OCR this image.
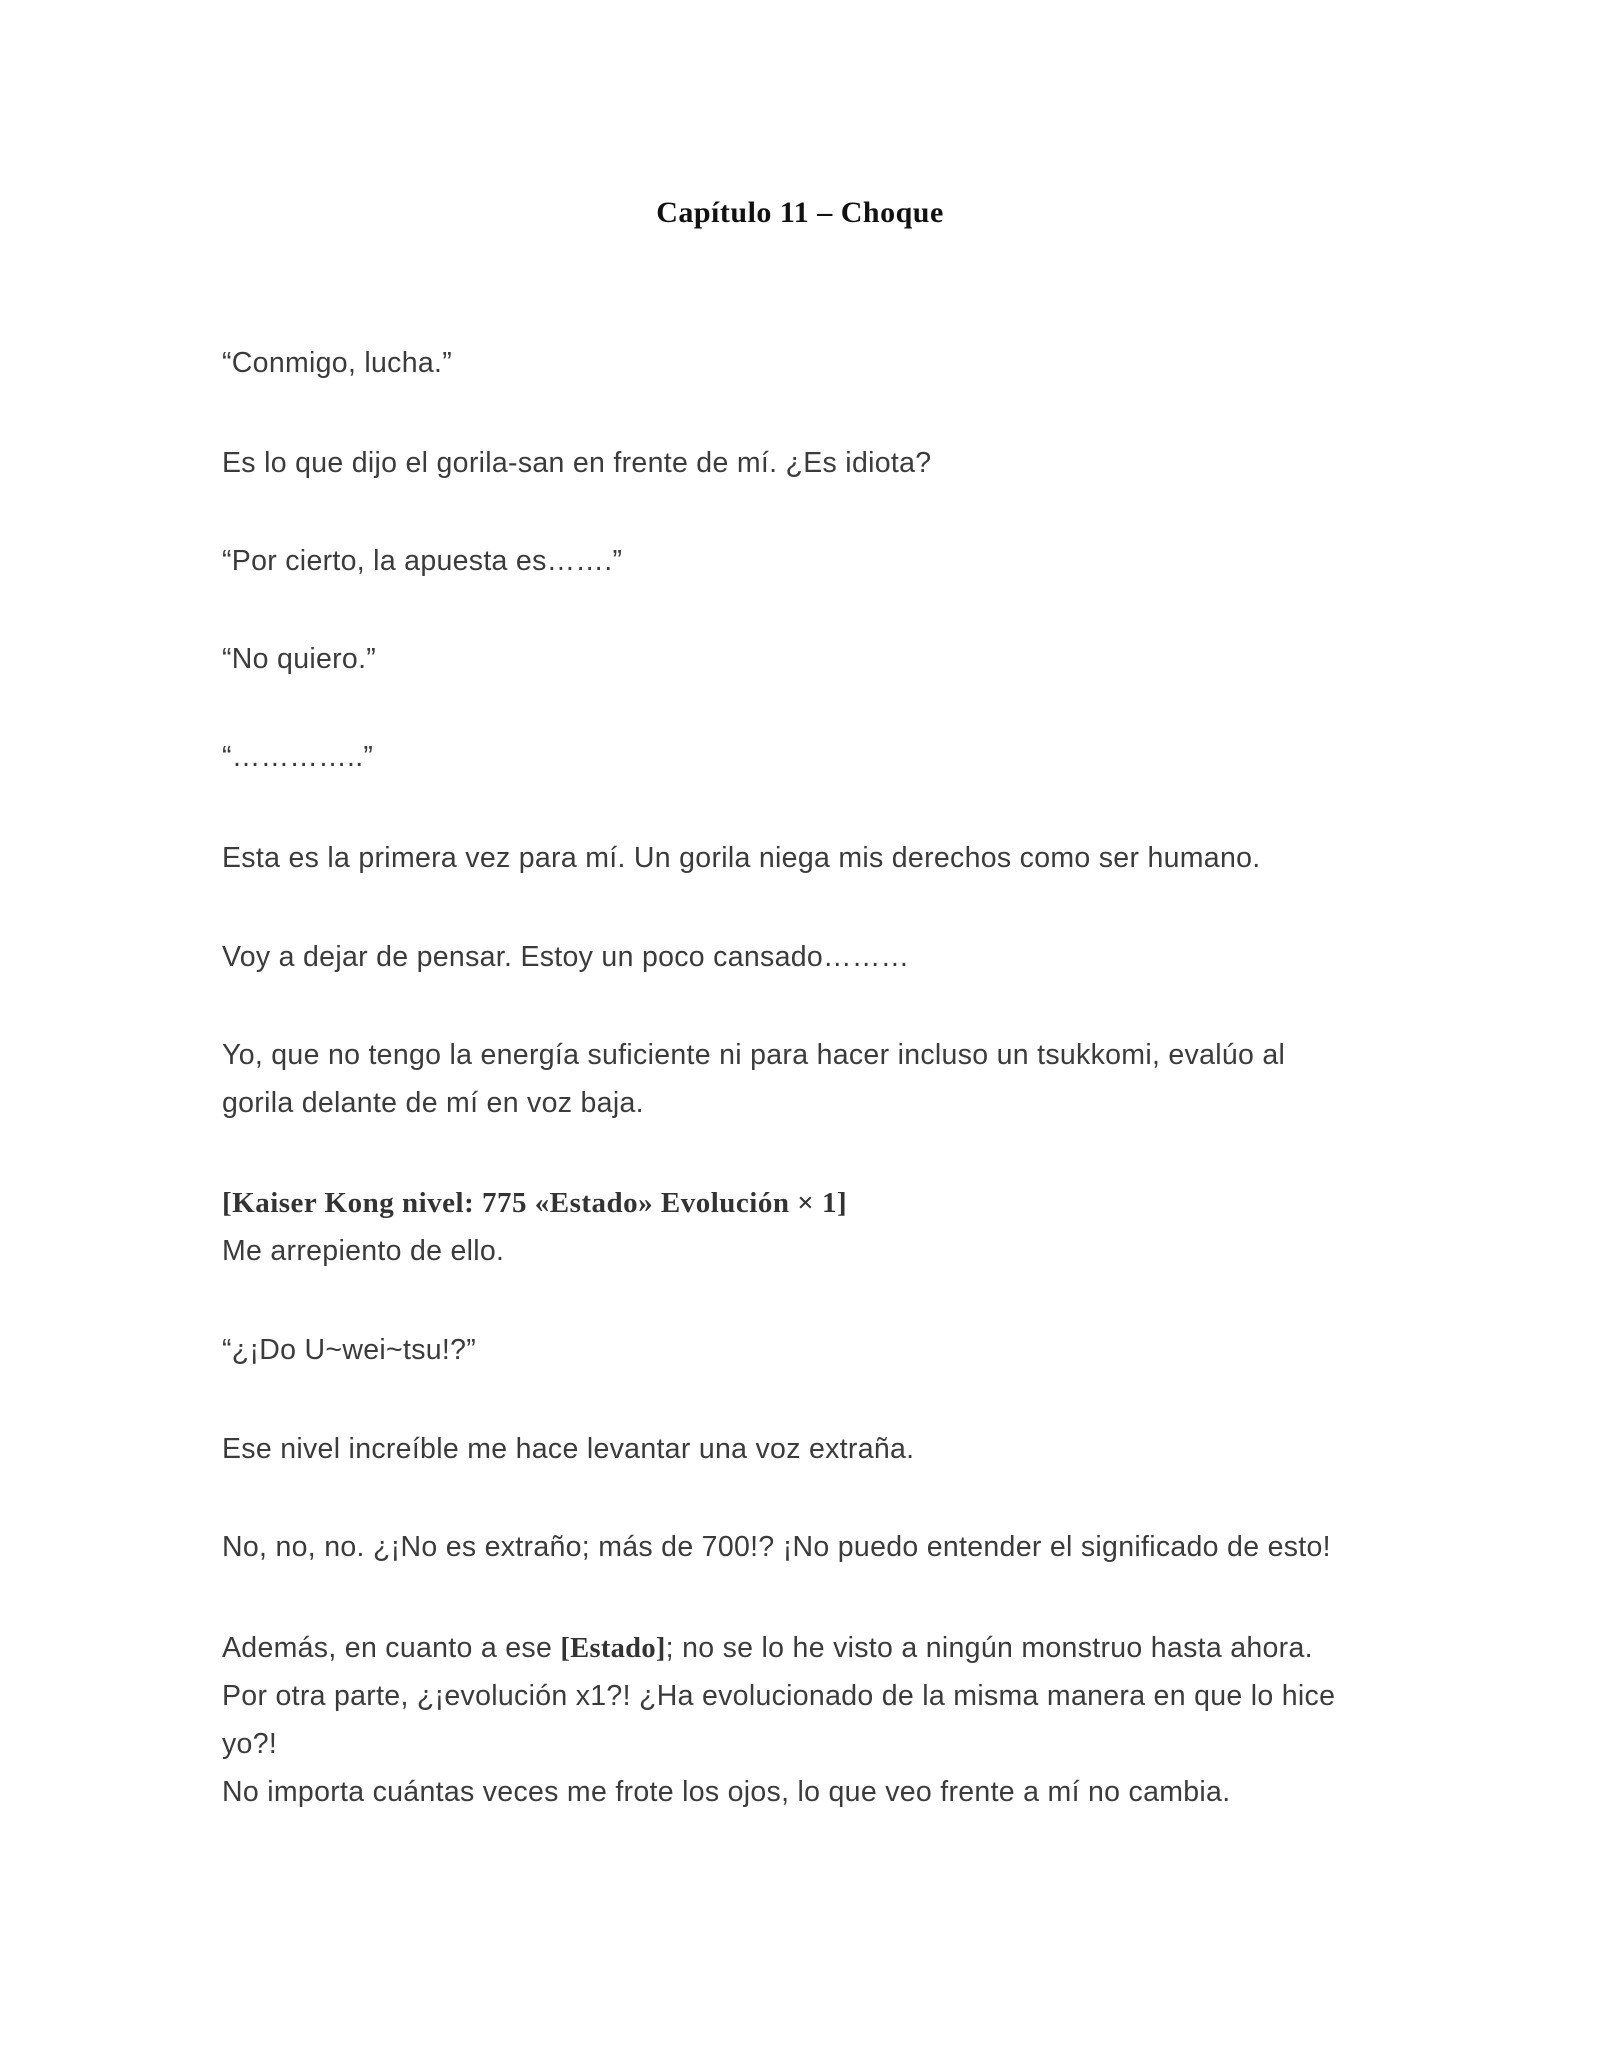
Capítulo 11 – Choque
“Conmigo, lucha.”
Es lo que dijo el gorila-san en frente de mí. ¿Es idiota?
“Por cierto, la apuesta es…….”
“No quiero.”
“…………..”
Esta es la primera vez para mí. Un gorila niega mis derechos como ser humano.
Voy a dejar de pensar. Estoy un poco cansado………
Yo, que no tengo la energía suficiente ni para hacer incluso un tsukkomi, evalúo al
gorila delante de mí en voz baja.
[Kaiser Kong nivel: 775 «Estado» Evolución × 1]
Me arrepiento de ello.
“¿¡Do U~wei~tsu!?”
Ese nivel increíble me hace levantar una voz extraña.
No, no, no. ¿¡No es extraño; más de 700!? ¡No puedo entender el significado de esto!
Además, en cuanto a ese [Estado]; no se lo he visto a ningún monstruo hasta ahora.
Por otra parte, ¿¡evolución x1?! ¿Ha evolucionado de la misma manera en que lo hice
yo?!
No importa cuántas veces me frote los ojos, lo que veo frente a mí no cambia.
